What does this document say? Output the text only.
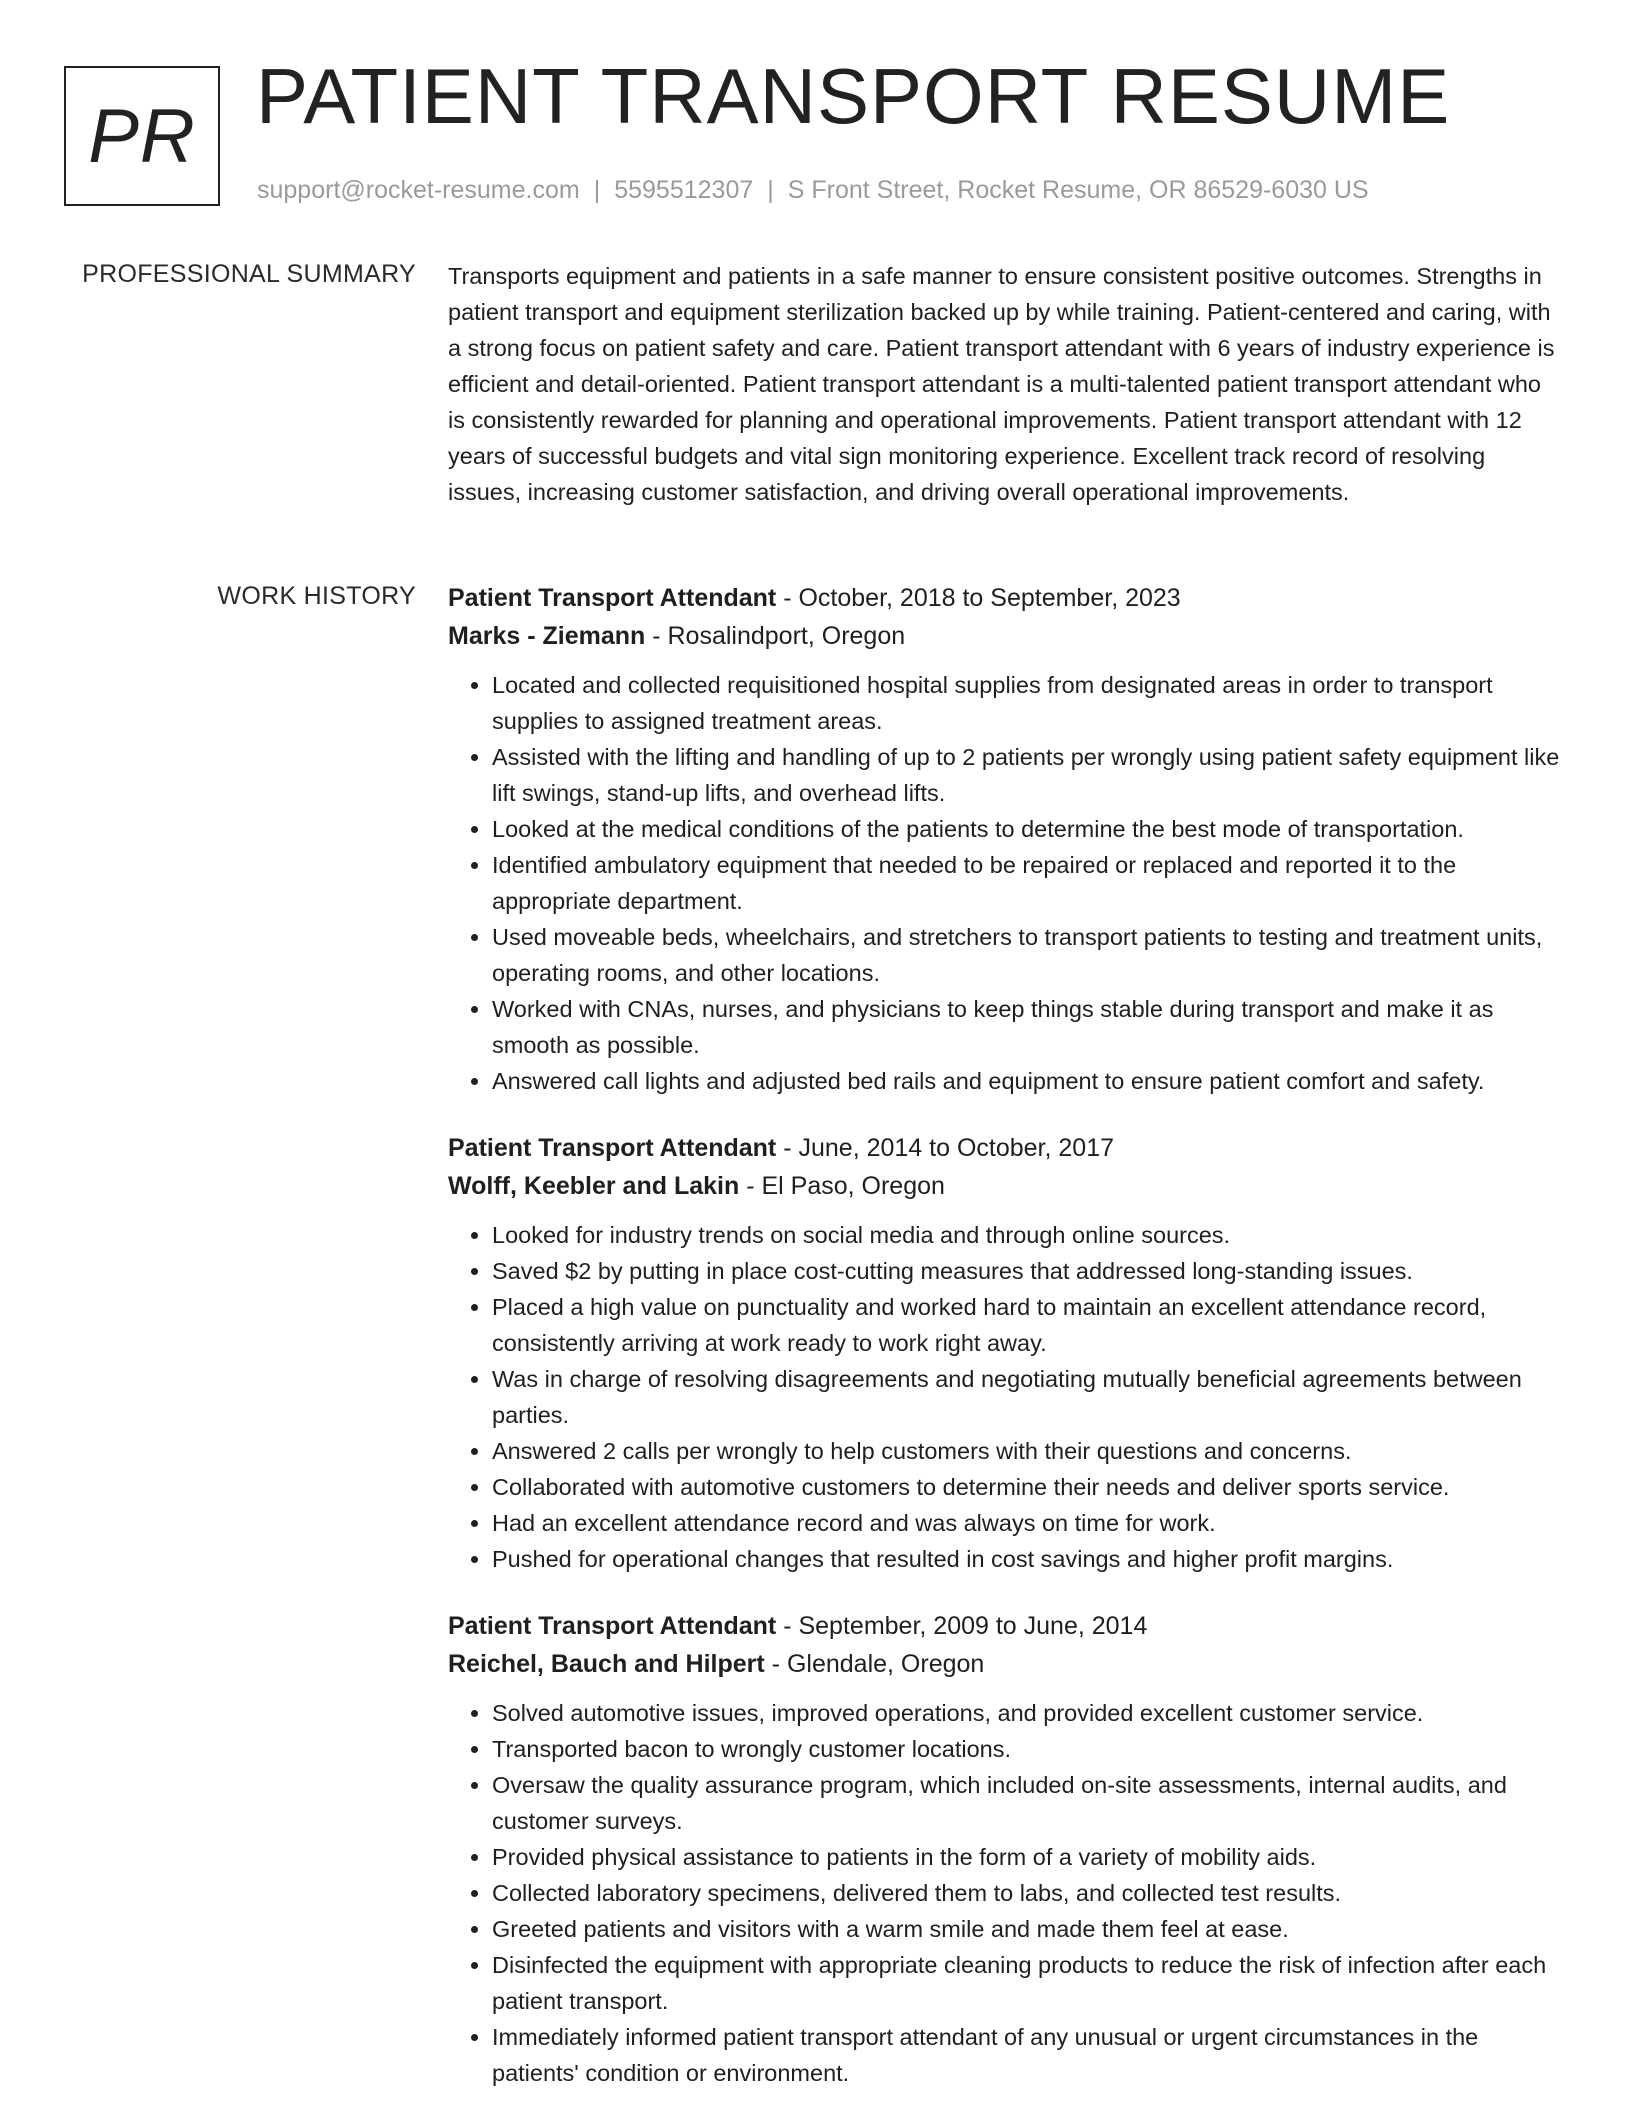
PR PATIENT TRANSPORT RESUME
support@rocket-resume.com | 5595512307 | S Front Street, Rocket Resume, OR 86529-6030 US
PROFESSIONAL SUMMARY Transports equipment and patients in a safe manner to ensure consistent positive outcomes. Strengths in patient transport and equipment sterilization backed up by while training. Patient-centered and caring, with a strong focus on patient safety and care. Patient transport attendant with 6 years of industry experience is efficient and detail-oriented. Patient transport attendant is a multi-talented patient transport attendant who is consistently rewarded for planning and operational improvements. Patient transport attendant with 12 years of successful budgets and vital sign monitoring experience. Excellent track record of resolving issues, increasing customer satisfaction, and driving overall operational improvements.

WORK HISTORY Patient Transport Attendant - October, 2018 to September, 2023
Marks - Ziemann - Rosalindport, Oregon
• Located and collected requisitioned hospital supplies from designated areas in order to transport supplies to assigned treatment areas.
• Assisted with the lifting and handling of up to 2 patients per wrongly using patient safety equipment like lift swings, stand-up lifts, and overhead lifts.
• Looked at the medical conditions of the patients to determine the best mode of transportation.
• Identified ambulatory equipment that needed to be repaired or replaced and reported it to the appropriate department.
• Used moveable beds, wheelchairs, and stretchers to transport patients to testing and treatment units, operating rooms, and other locations.
• Worked with CNAs, nurses, and physicians to keep things stable during transport and make it as smooth as possible.
• Answered call lights and adjusted bed rails and equipment to ensure patient comfort and safety.
Patient Transport Attendant - June, 2014 to October, 2017
Wolff, Keebler and Lakin - El Paso, Oregon
• Looked for industry trends on social media and through online sources.
• Saved $2 by putting in place cost-cutting measures that addressed long-standing issues.
• Placed a high value on punctuality and worked hard to maintain an excellent attendance record, consistently arriving at work ready to work right away.
• Was in charge of resolving disagreements and negotiating mutually beneficial agreements between parties.
• Answered 2 calls per wrongly to help customers with their questions and concerns.
• Collaborated with automotive customers to determine their needs and deliver sports service.
• Had an excellent attendance record and was always on time for work.
• Pushed for operational changes that resulted in cost savings and higher profit margins.
Patient Transport Attendant - September, 2009 to June, 2014
Reichel, Bauch and Hilpert - Glendale, Oregon
• Solved automotive issues, improved operations, and provided excellent customer service.
• Transported bacon to wrongly customer locations.
• Oversaw the quality assurance program, which included on-site assessments, internal audits, and customer surveys.
• Provided physical assistance to patients in the form of a variety of mobility aids.
• Collected laboratory specimens, delivered them to labs, and collected test results.
• Greeted patients and visitors with a warm smile and made them feel at ease.
• Disinfected the equipment with appropriate cleaning products to reduce the risk of infection after each patient transport.
• Immediately informed patient transport attendant of any unusual or urgent circumstances in the patients' condition or environment.
